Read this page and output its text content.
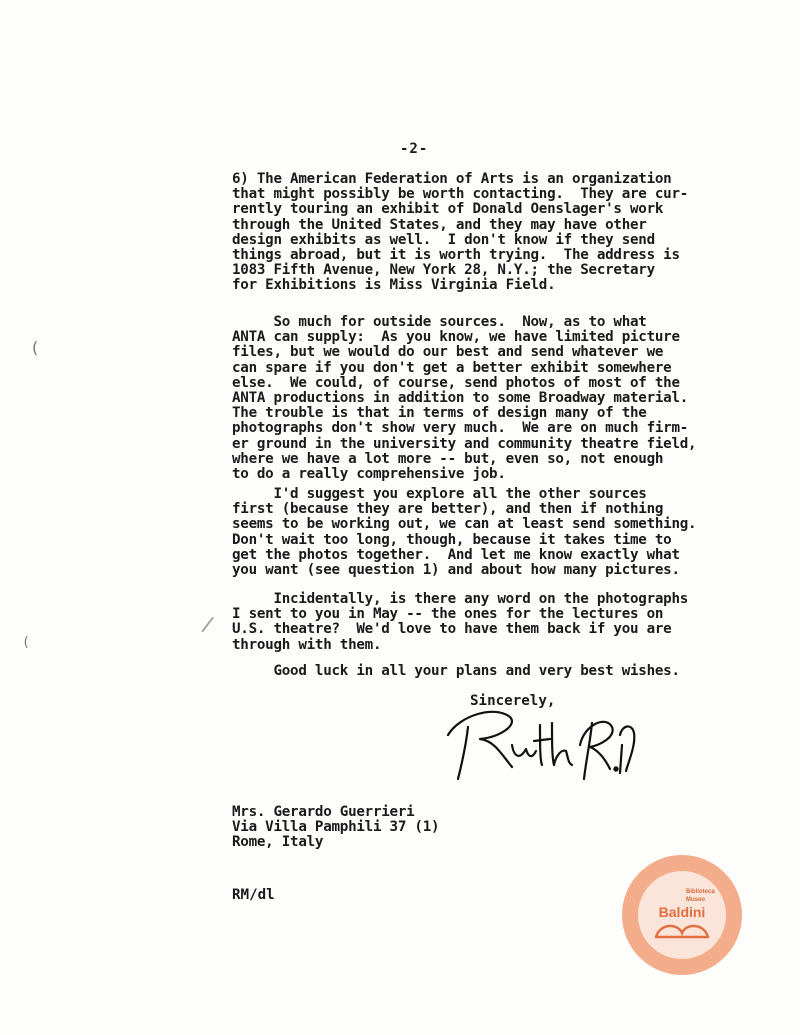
(
(
/
-2-
6) The American Federation of Arts is an organization
that might possibly be worth contacting.  They are cur-
rently touring an exhibit of Donald Oenslager's work
through the United States, and they may have other
design exhibits as well.  I don't know if they send
things abroad, but it is worth trying.  The address is
1083 Fifth Avenue, New York 28, N.Y.; the Secretary
for Exhibitions is Miss Virginia Field.
So much for outside sources.  Now, as to what
ANTA can supply:  As you know, we have limited picture
files, but we would do our best and send whatever we
can spare if you don't get a better exhibit somewhere
else.  We could, of course, send photos of most of the
ANTA productions in addition to some Broadway material.
The trouble is that in terms of design many of the
photographs don't show very much.  We are on much firm-
er ground in the university and community theatre field,
where we have a lot more -- but, even so, not enough
to do a really comprehensive job.
I'd suggest you explore all the other sources
first (because they are better), and then if nothing
seems to be working out, we can at least send something.
Don't wait too long, though, because it takes time to
get the photos together.  And let me know exactly what
you want (see question 1) and about how many pictures.
Incidentally, is there any word on the photographs
I sent to you in May -- the ones for the lectures on
U.S. theatre?  We'd love to have them back if you are
through with them.
Good luck in all your plans and very best wishes.
Sincerely,
Mrs. Gerardo Guerrieri
Via Villa Pamphili 37 (1)
Rome, Italy
RM/dl	Biblioteca
Museo
Baldini
